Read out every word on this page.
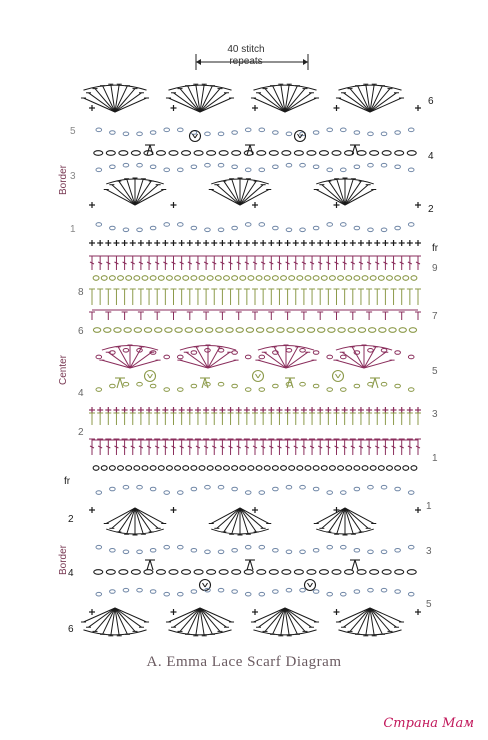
6
4
2
5
3
1
fr
9
7
5
3
1
8
6
4
2
fr
1
3
5
2
4
6
Border
Center
Border
40 stitch
repeats
A. Emma Lace Scarf Diagram
Страна Мам
